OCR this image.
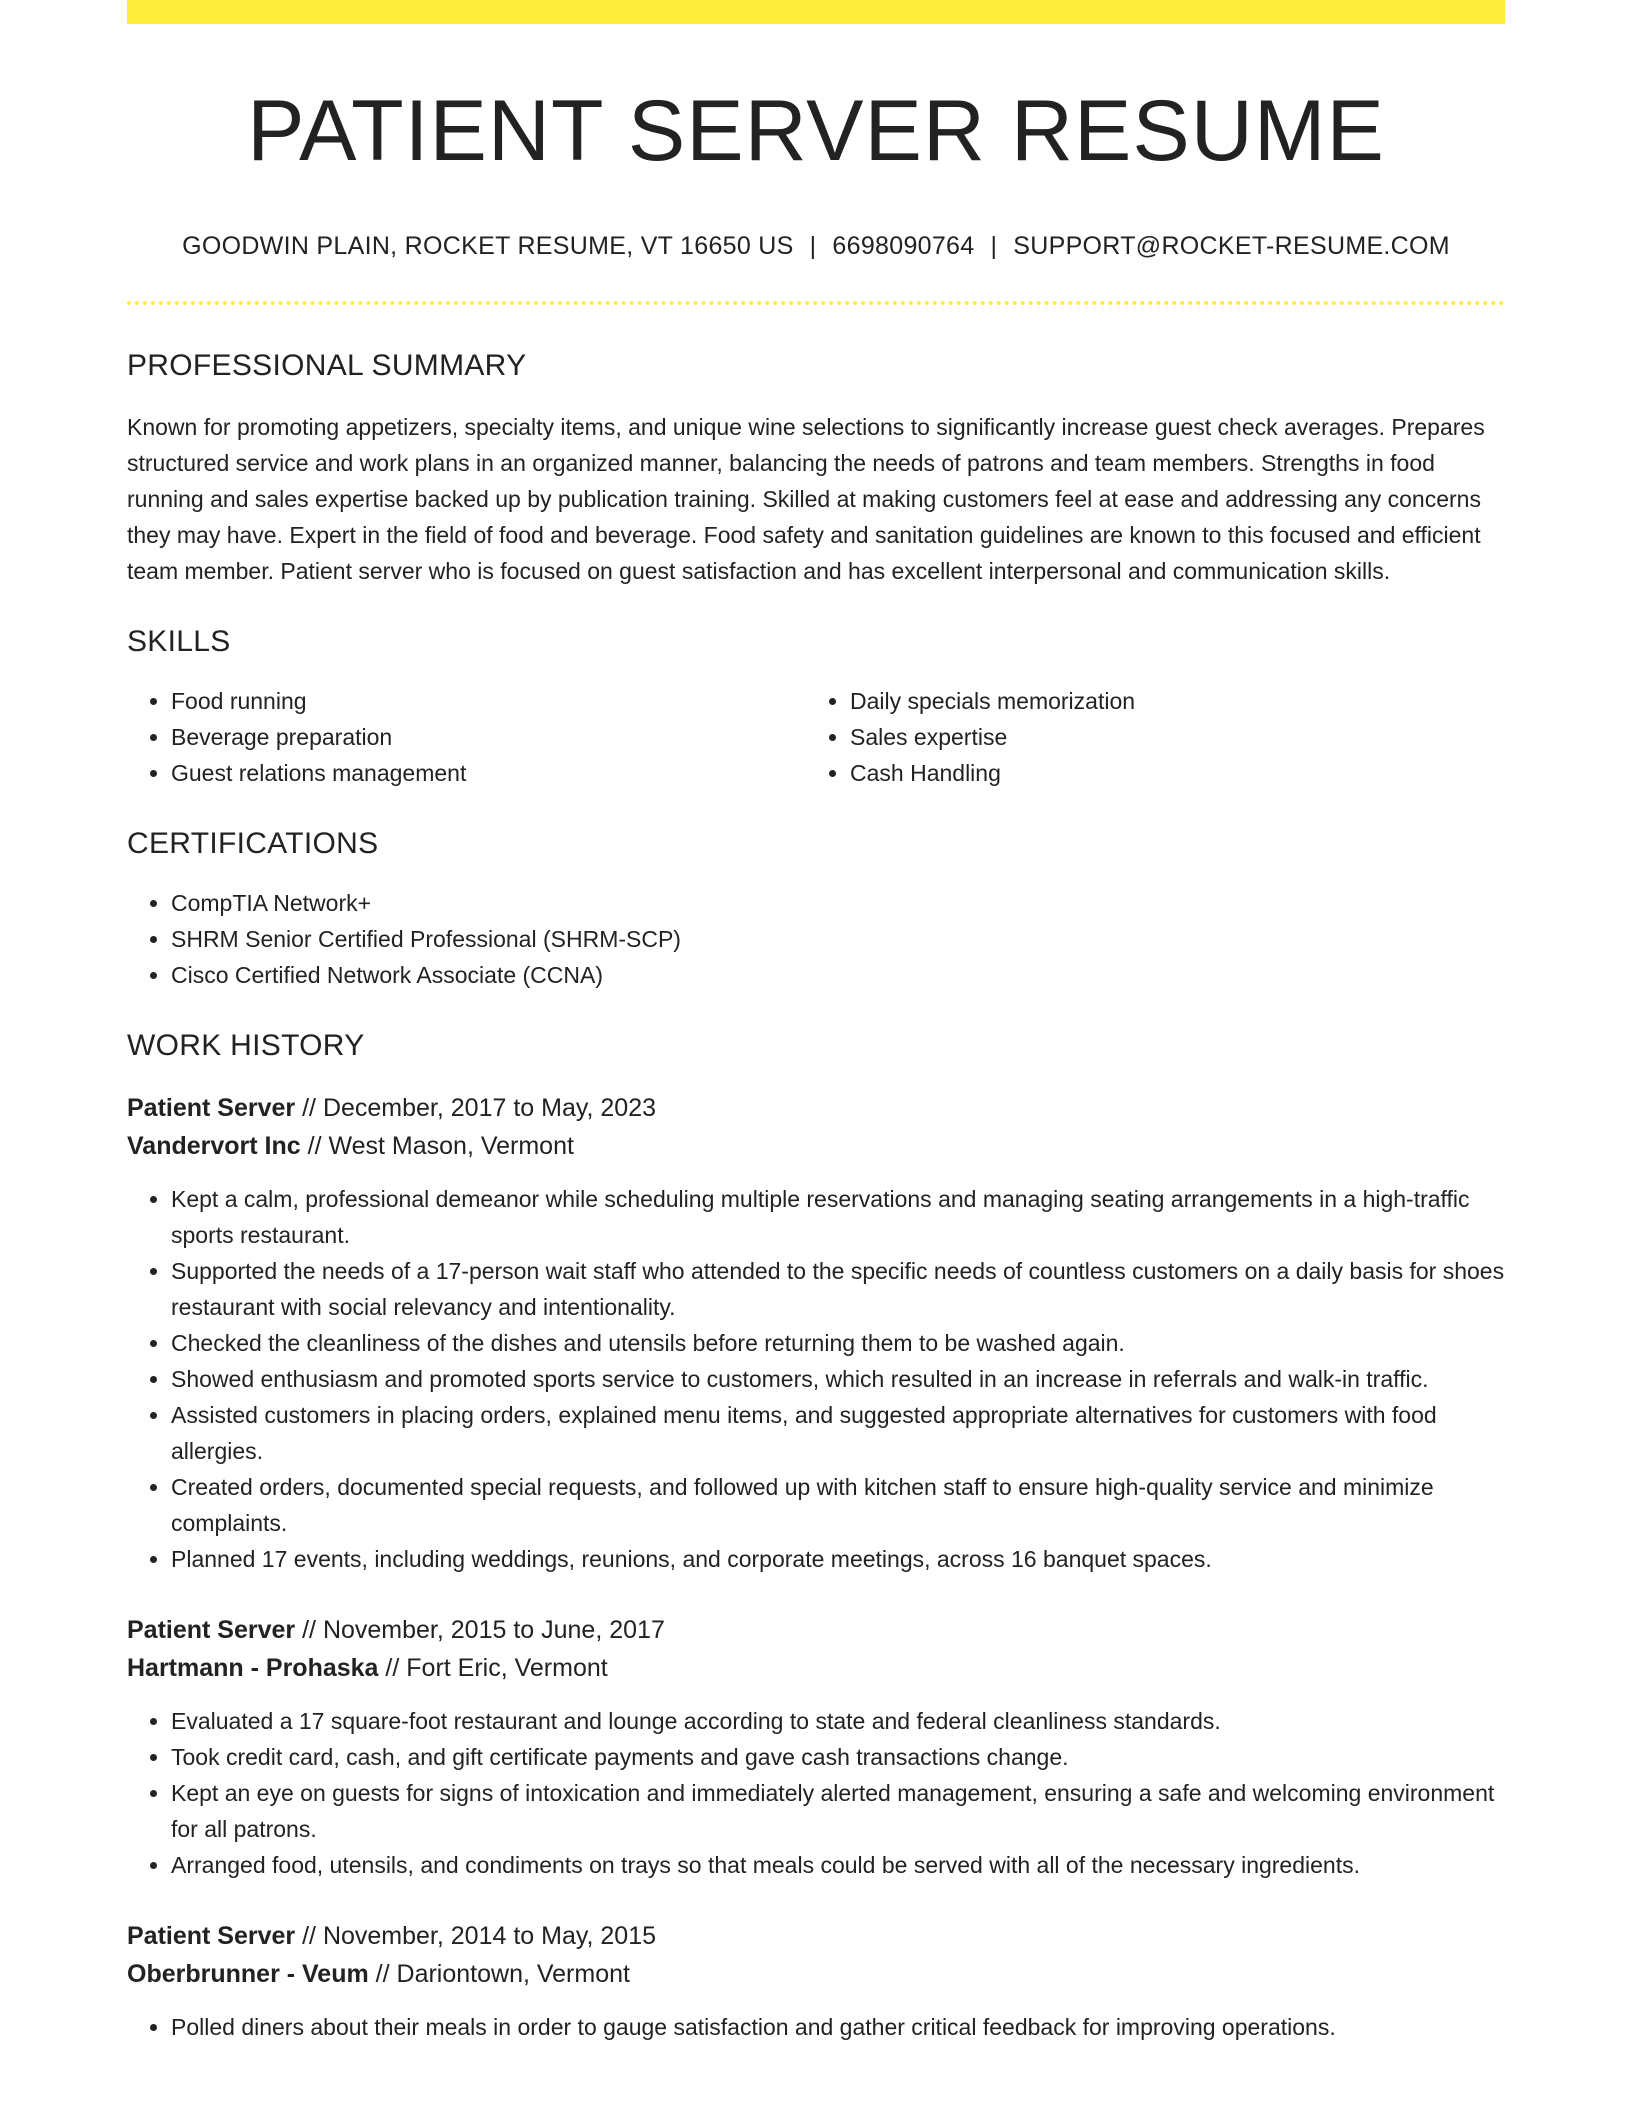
PATIENT SERVER RESUME
GOODWIN PLAIN, ROCKET RESUME, VT 16650 US | 6698090764 | SUPPORT@ROCKET-RESUME.COM
PROFESSIONAL SUMMARY

Known for promoting appetizers, specialty items, and unique wine selections to significantly increase guest check averages. Prepares structured service and work plans in an organized manner, balancing the needs of patrons and team members. Strengths in food running and sales expertise backed up by publication training. Skilled at making customers feel at ease and addressing any concerns they may have. Expert in the field of food and beverage. Food safety and sanitation guidelines are known to this focused and efficient team member. Patient server who is focused on guest satisfaction and has excellent interpersonal and communication skills.

SKILLS
• Food running
• Beverage preparation
• Guest relations management
• Daily specials memorization
• Sales expertise
• Cash Handling
CERTIFICATIONS
• CompTIA Network+
• SHRM Senior Certified Professional (SHRM-SCP)
• Cisco Certified Network Associate (CCNA)
WORK HISTORY
Patient Server // December, 2017 to May, 2023
Vandervort Inc // West Mason, Vermont
• Kept a calm, professional demeanor while scheduling multiple reservations and managing seating arrangements in a high-traffic sports restaurant.
• Supported the needs of a 17-person wait staff who attended to the specific needs of countless customers on a daily basis for shoes restaurant with social relevancy and intentionality.
• Checked the cleanliness of the dishes and utensils before returning them to be washed again.
• Showed enthusiasm and promoted sports service to customers, which resulted in an increase in referrals and walk-in traffic.
• Assisted customers in placing orders, explained menu items, and suggested appropriate alternatives for customers with food allergies.
• Created orders, documented special requests, and followed up with kitchen staff to ensure high-quality service and minimize complaints.
• Planned 17 events, including weddings, reunions, and corporate meetings, across 16 banquet spaces.
Patient Server // November, 2015 to June, 2017
Hartmann - Prohaska // Fort Eric, Vermont
• Evaluated a 17 square-foot restaurant and lounge according to state and federal cleanliness standards.
• Took credit card, cash, and gift certificate payments and gave cash transactions change.
• Kept an eye on guests for signs of intoxication and immediately alerted management, ensuring a safe and welcoming environment for all patrons.
• Arranged food, utensils, and condiments on trays so that meals could be served with all of the necessary ingredients.
Patient Server // November, 2014 to May, 2015
Oberbrunner - Veum // Dariontown, Vermont
• Polled diners about their meals in order to gauge satisfaction and gather critical feedback for improving operations.
